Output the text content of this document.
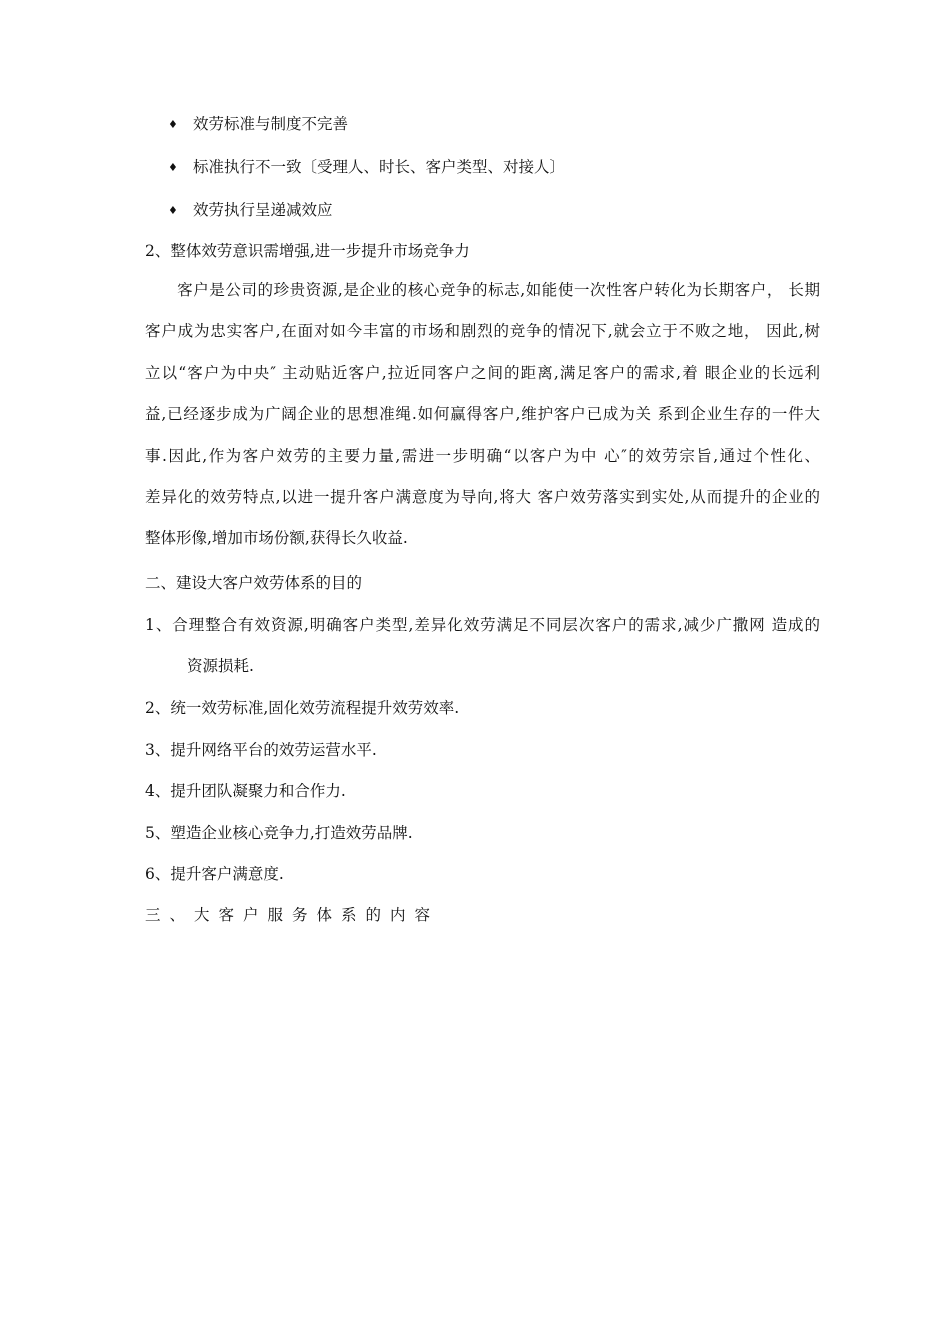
♦ 效劳标准与制度不完善
♦ 标准执行不一致〔受理人、时长、客户类型、对接人〕
♦ 效劳执行呈递减效应
2、整体效劳意识需增强,进一步提升市场竞争力
　　客户是公司的珍贵资源,是企业的核心竞争的标志,如能使一次性客户转化为长期客户， 长期
客户成为忠实客户,在面对如今丰富的市场和剧烈的竞争的情况下,就会立于不败之地， 因此,树
立以“客户为中央″ 主动贴近客户,拉近同客户之间的距离,满足客户的需求,着 眼企业的长远利
益,已经逐步成为广阔企业的思想准绳.如何赢得客户,维护客户已成为关 系到企业生存的一件大
事.因此,作为客户效劳的主要力量,需进一步明确“以客户为中 心″的效劳宗旨,通过个性化、
差异化的效劳特点,以进一提升客户满意度为导向,将大 客户效劳落实到实处,从而提升的企业的
整体形像,增加市场份额,获得长久收益.
二、建设大客户效劳体系的目的
1、合理整合有效资源,明确客户类型,差异化效劳满足不同层次客户的需求,减少广撒网 造成的
资源损耗.
2、统一效劳标准,固化效劳流程提升效劳效率.
3、提升网络平台的效劳运营水平.
4、提升团队凝聚力和合作力.
5、塑造企业核心竞争力,打造效劳品牌.
6、提升客户满意度.
三、大客户服务体系的内容
